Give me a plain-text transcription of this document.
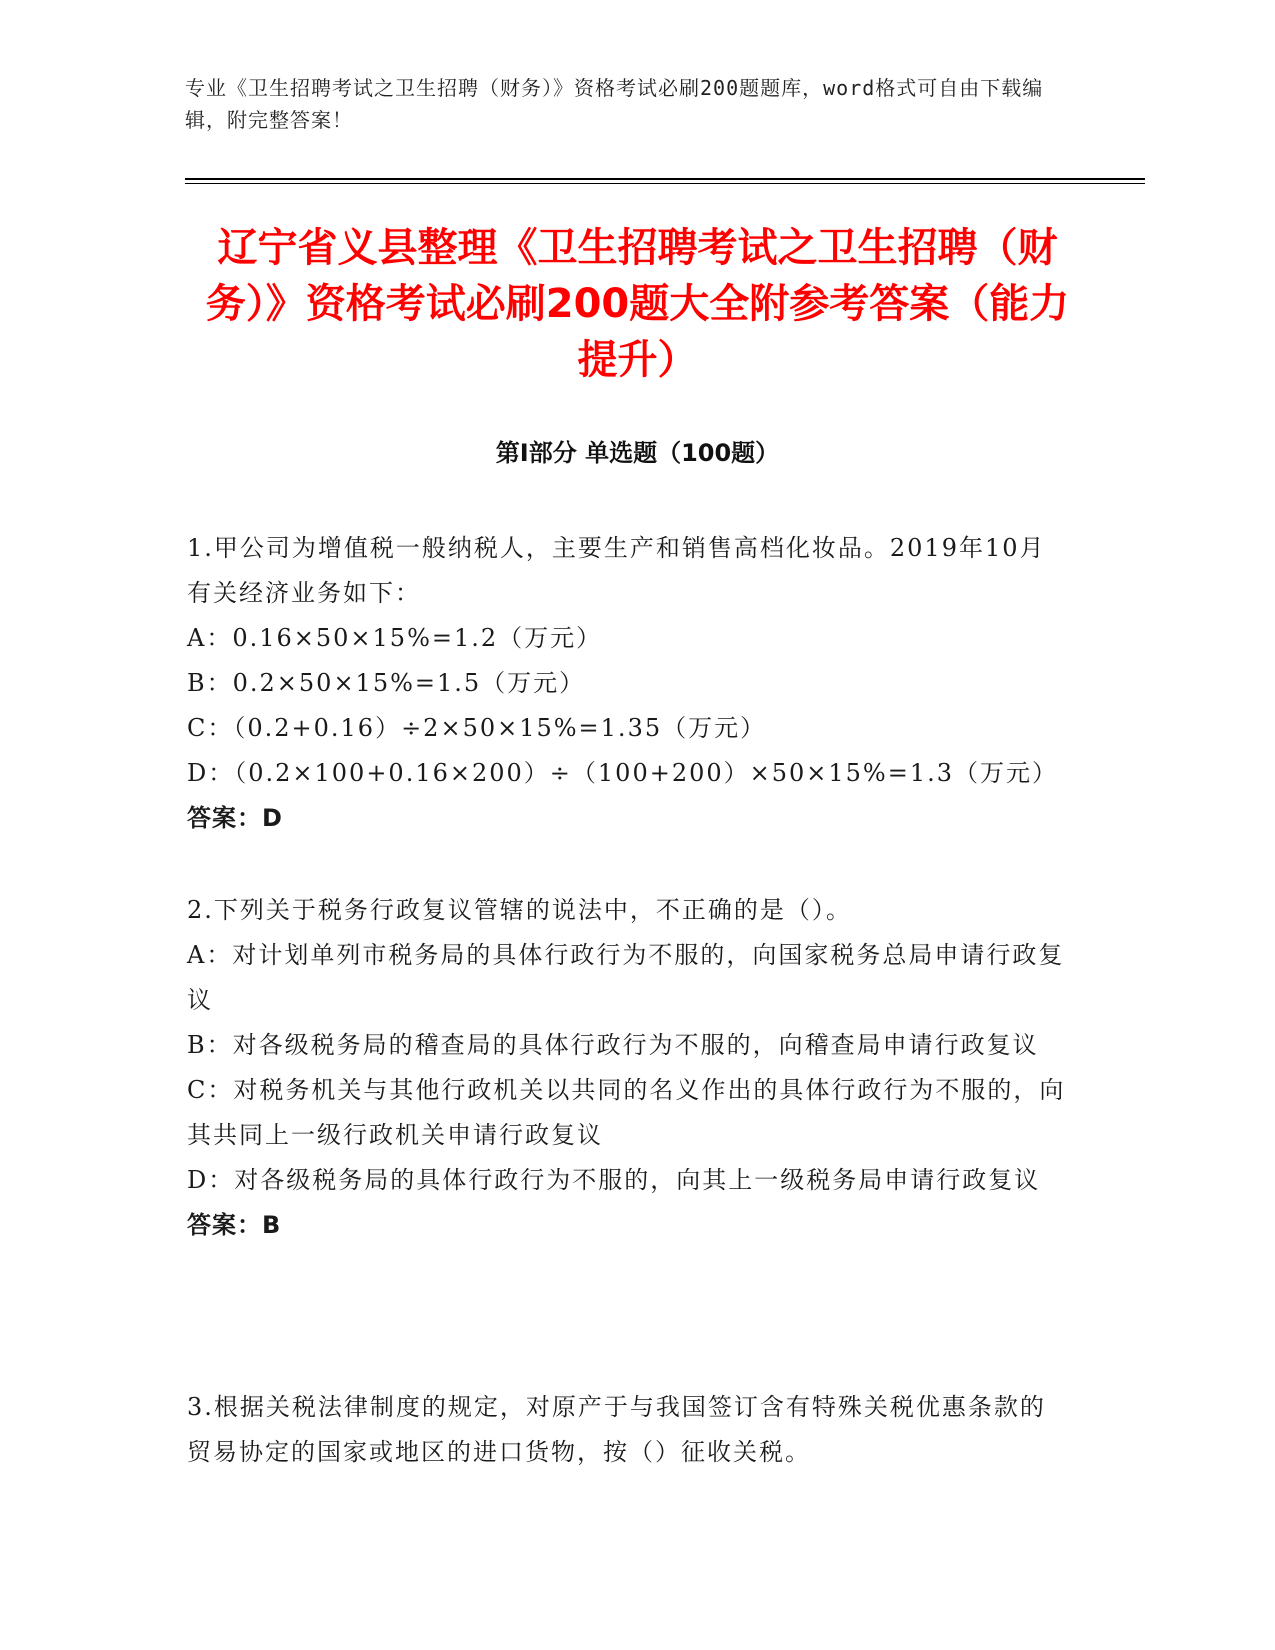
专业《卫生招聘考试之卫生招聘（财务）》资格考试必刷200题题库，word格式可自由下载编辑，附完整答案！
辽宁省义县整理《卫生招聘考试之卫生招聘（财务）》资格考试必刷200题大全附参考答案（能力提升）
第Ⅰ部分 单选题（100题）
1.甲公司为增值税一般纳税人，主要生产和销售高档化妆品。2019年10月有关经济业务如下：
A：0.16×50×15%=1.2（万元）
B：0.2×50×15%=1.5（万元）
C：（0.2+0.16）÷2×50×15%=1.35（万元）
D：（0.2×100+0.16×200）÷（100+200）×50×15%=1.3（万元）
答案：D
2.下列关于税务行政复议管辖的说法中，不正确的是（）。
A：对计划单列市税务局的具体行政行为不服的，向国家税务总局申请行政复议
B：对各级税务局的稽查局的具体行政行为不服的，向稽查局申请行政复议
C：对税务机关与其他行政机关以共同的名义作出的具体行政行为不服的，向其共同上一级行政机关申请行政复议
D：对各级税务局的具体行政行为不服的，向其上一级税务局申请行政复议
答案：B
3.根据关税法律制度的规定，对原产于与我国签订含有特殊关税优惠条款的贸易协定的国家或地区的进口货物，按（）征收关税。
